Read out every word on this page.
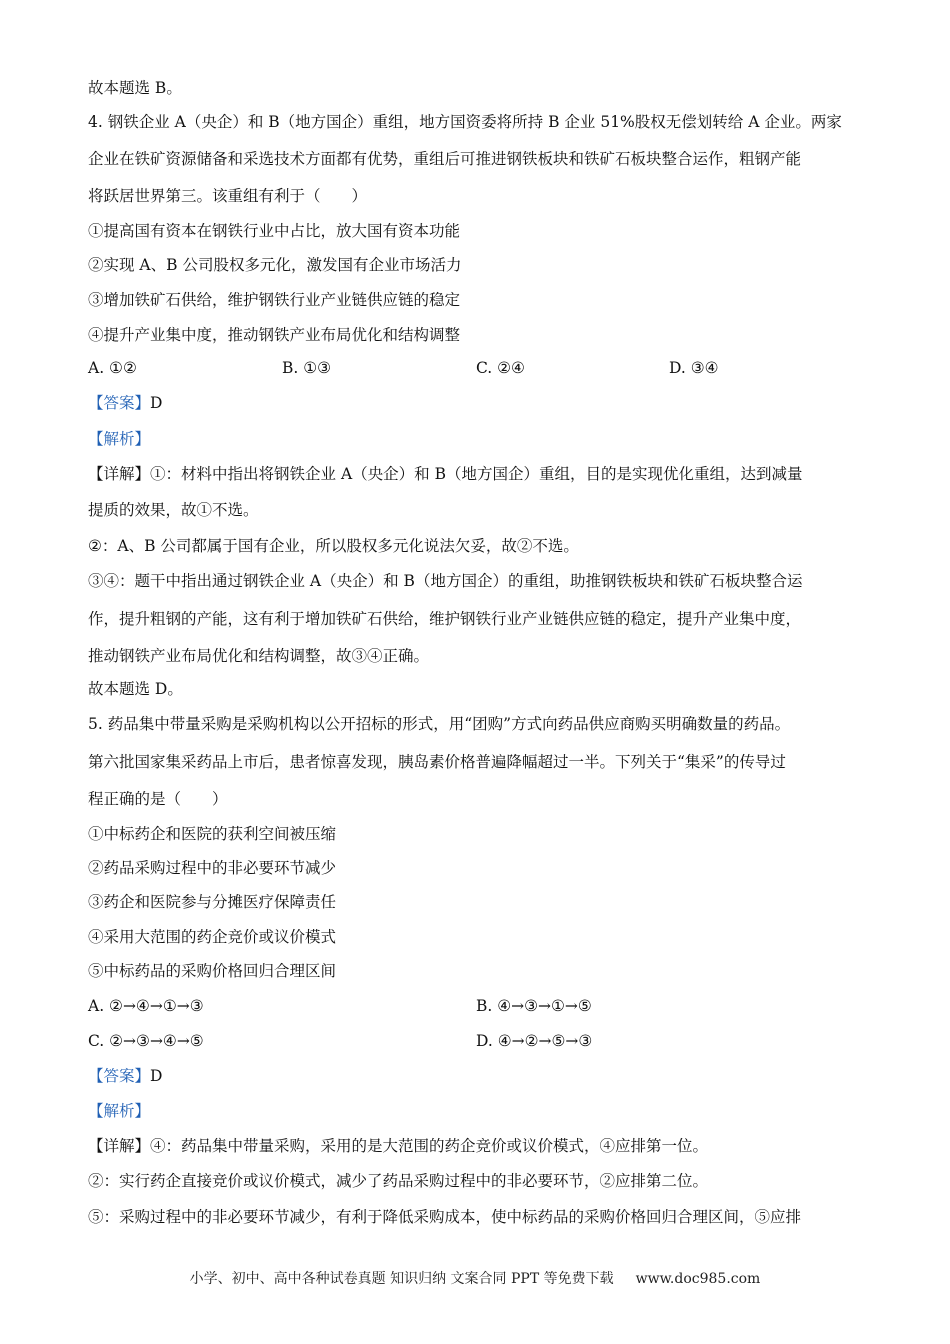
故本题选 B。
4. 钢铁企业 A（央企）和 B（地方国企）重组，地方国资委将所持 B 企业 51%股权无偿划转给 A 企业。两家
企业在铁矿资源储备和采选技术方面都有优势，重组后可推进钢铁板块和铁矿石板块整合运作，粗钢产能
将跃居世界第三。该重组有利于（　　）
①提高国有资本在钢铁行业中占比，放大国有资本功能
②实现 A、B 公司股权多元化，激发国有企业市场活力
③增加铁矿石供给，维护钢铁行业产业链供应链的稳定
④提升产业集中度，推动钢铁产业布局优化和结构调整
A. ①②	B. ①③	C. ②④	D. ③④
【答案】D
【解析】
【详解】①：材料中指出将钢铁企业 A（央企）和 B（地方国企）重组，目的是实现优化重组，达到减量
提质的效果，故①不选。
②：A、B 公司都属于国有企业，所以股权多元化说法欠妥，故②不选。
③④：题干中指出通过钢铁企业 A（央企）和 B（地方国企）的重组，助推钢铁板块和铁矿石板块整合运
作，提升粗钢的产能，这有利于增加铁矿石供给，维护钢铁行业产业链供应链的稳定，提升产业集中度，
推动钢铁产业布局优化和结构调整，故③④正确。
故本题选 D。
5. 药品集中带量采购是采购机构以公开招标的形式，用“团购”方式向药品供应商购买明确数量的药品。
第六批国家集采药品上市后，患者惊喜发现，胰岛素价格普遍降幅超过一半。下列关于“集采”的传导过
程正确的是（　　）
①中标药企和医院的获利空间被压缩
②药品采购过程中的非必要环节减少
③药企和医院参与分摊医疗保障责任
④采用大范围的药企竞价或议价模式
⑤中标药品的采购价格回归合理区间
A. ②→④→①→③	B. ④→③→①→⑤
C. ②→③→④→⑤	D. ④→②→⑤→③
【答案】D
【解析】
【详解】④：药品集中带量采购，采用的是大范围的药企竞价或议价模式，④应排第一位。
②：实行药企直接竞价或议价模式，减少了药品采购过程中的非必要环节，②应排第二位。
⑤：采购过程中的非必要环节减少，有利于降低采购成本，使中标药品的采购价格回归合理区间，⑤应排
小学、初中、高中各种试卷真题 知识归纳 文案合同 PPT 等免费下载 www.doc985.com
